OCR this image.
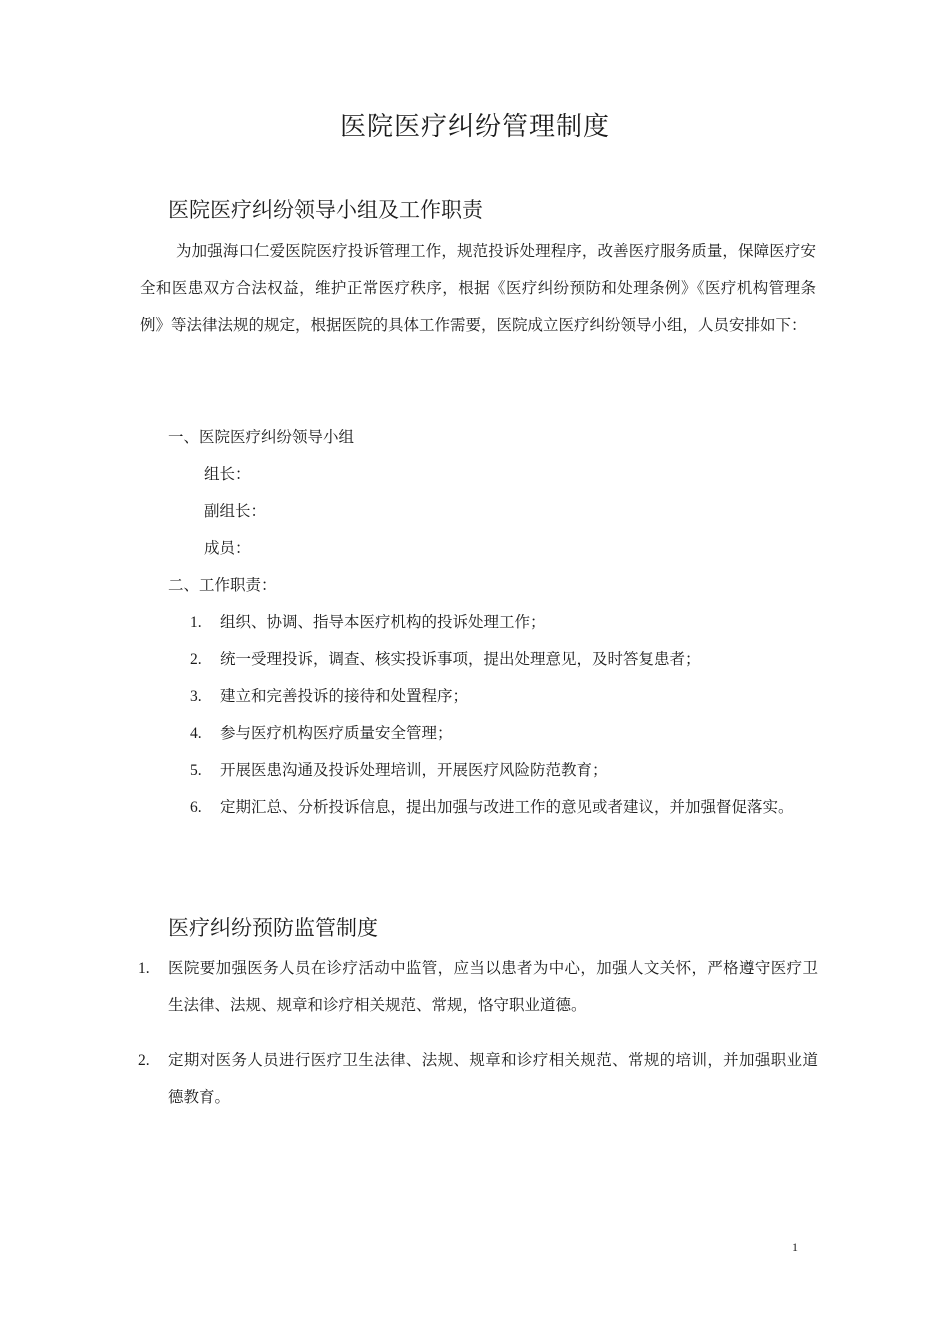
医院医疗纠纷管理制度
医院医疗纠纷领导小组及工作职责

为加强海口仁爱医院医疗投诉管理工作，规范投诉处理程序，改善医疗服务质量，保障医疗安全和医患双方合法权益，维护正常医疗秩序，根据《医疗纠纷预防和处理条例》《医疗机构管理条例》等法律法规的规定，根据医院的具体工作需要，医院成立医疗纠纷领导小组，人员安排如下：

一、医院医疗纠纷领导小组

组长：

副组长：

成员：

二、工作职责：

1.	组织、协调、指导本医疗机构的投诉处理工作；
2.	统一受理投诉，调查、核实投诉事项，提出处理意见，及时答复患者；
3.	建立和完善投诉的接待和处置程序；
4.	参与医疗机构医疗质量安全管理；
5.	开展医患沟通及投诉处理培训，开展医疗风险防范教育；
6.	定期汇总、分析投诉信息，提出加强与改进工作的意见或者建议，并加强督促落实。
医疗纠纷预防监管制度
1.	医院要加强医务人员在诊疗活动中监管，应当以患者为中心，加强人文关怀，严格遵守医疗卫生法律、法规、规章和诊疗相关规范、常规，恪守职业道德。
2.	定期对医务人员进行医疗卫生法律、法规、规章和诊疗相关规范、常规的培训，并加强职业道德教育。
1
